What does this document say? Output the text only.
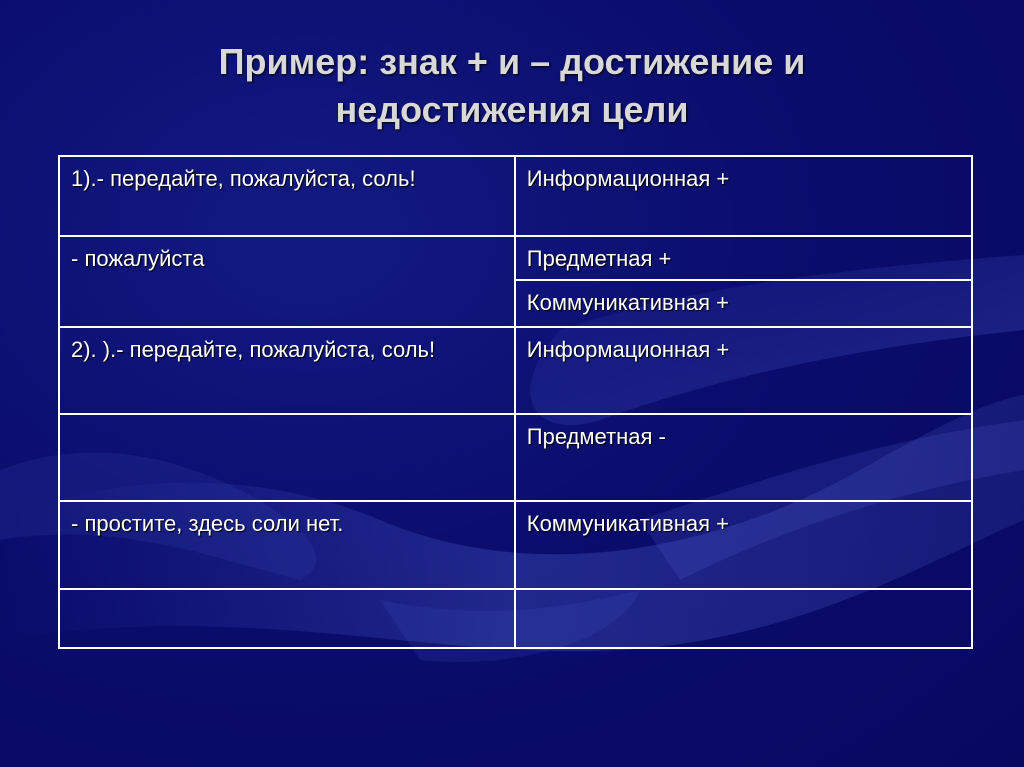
Пример: знак + и – достижение и
недостижения цели
1).- передайте, пожалуйста, соль!	Информационная +
- пожалуйста	Предметная +
	Коммуникативная +
2). ).- передайте, пожалуйста, соль!	Информационная +
	Предметная -
- простите, здесь соли нет.	Коммуникативная +
